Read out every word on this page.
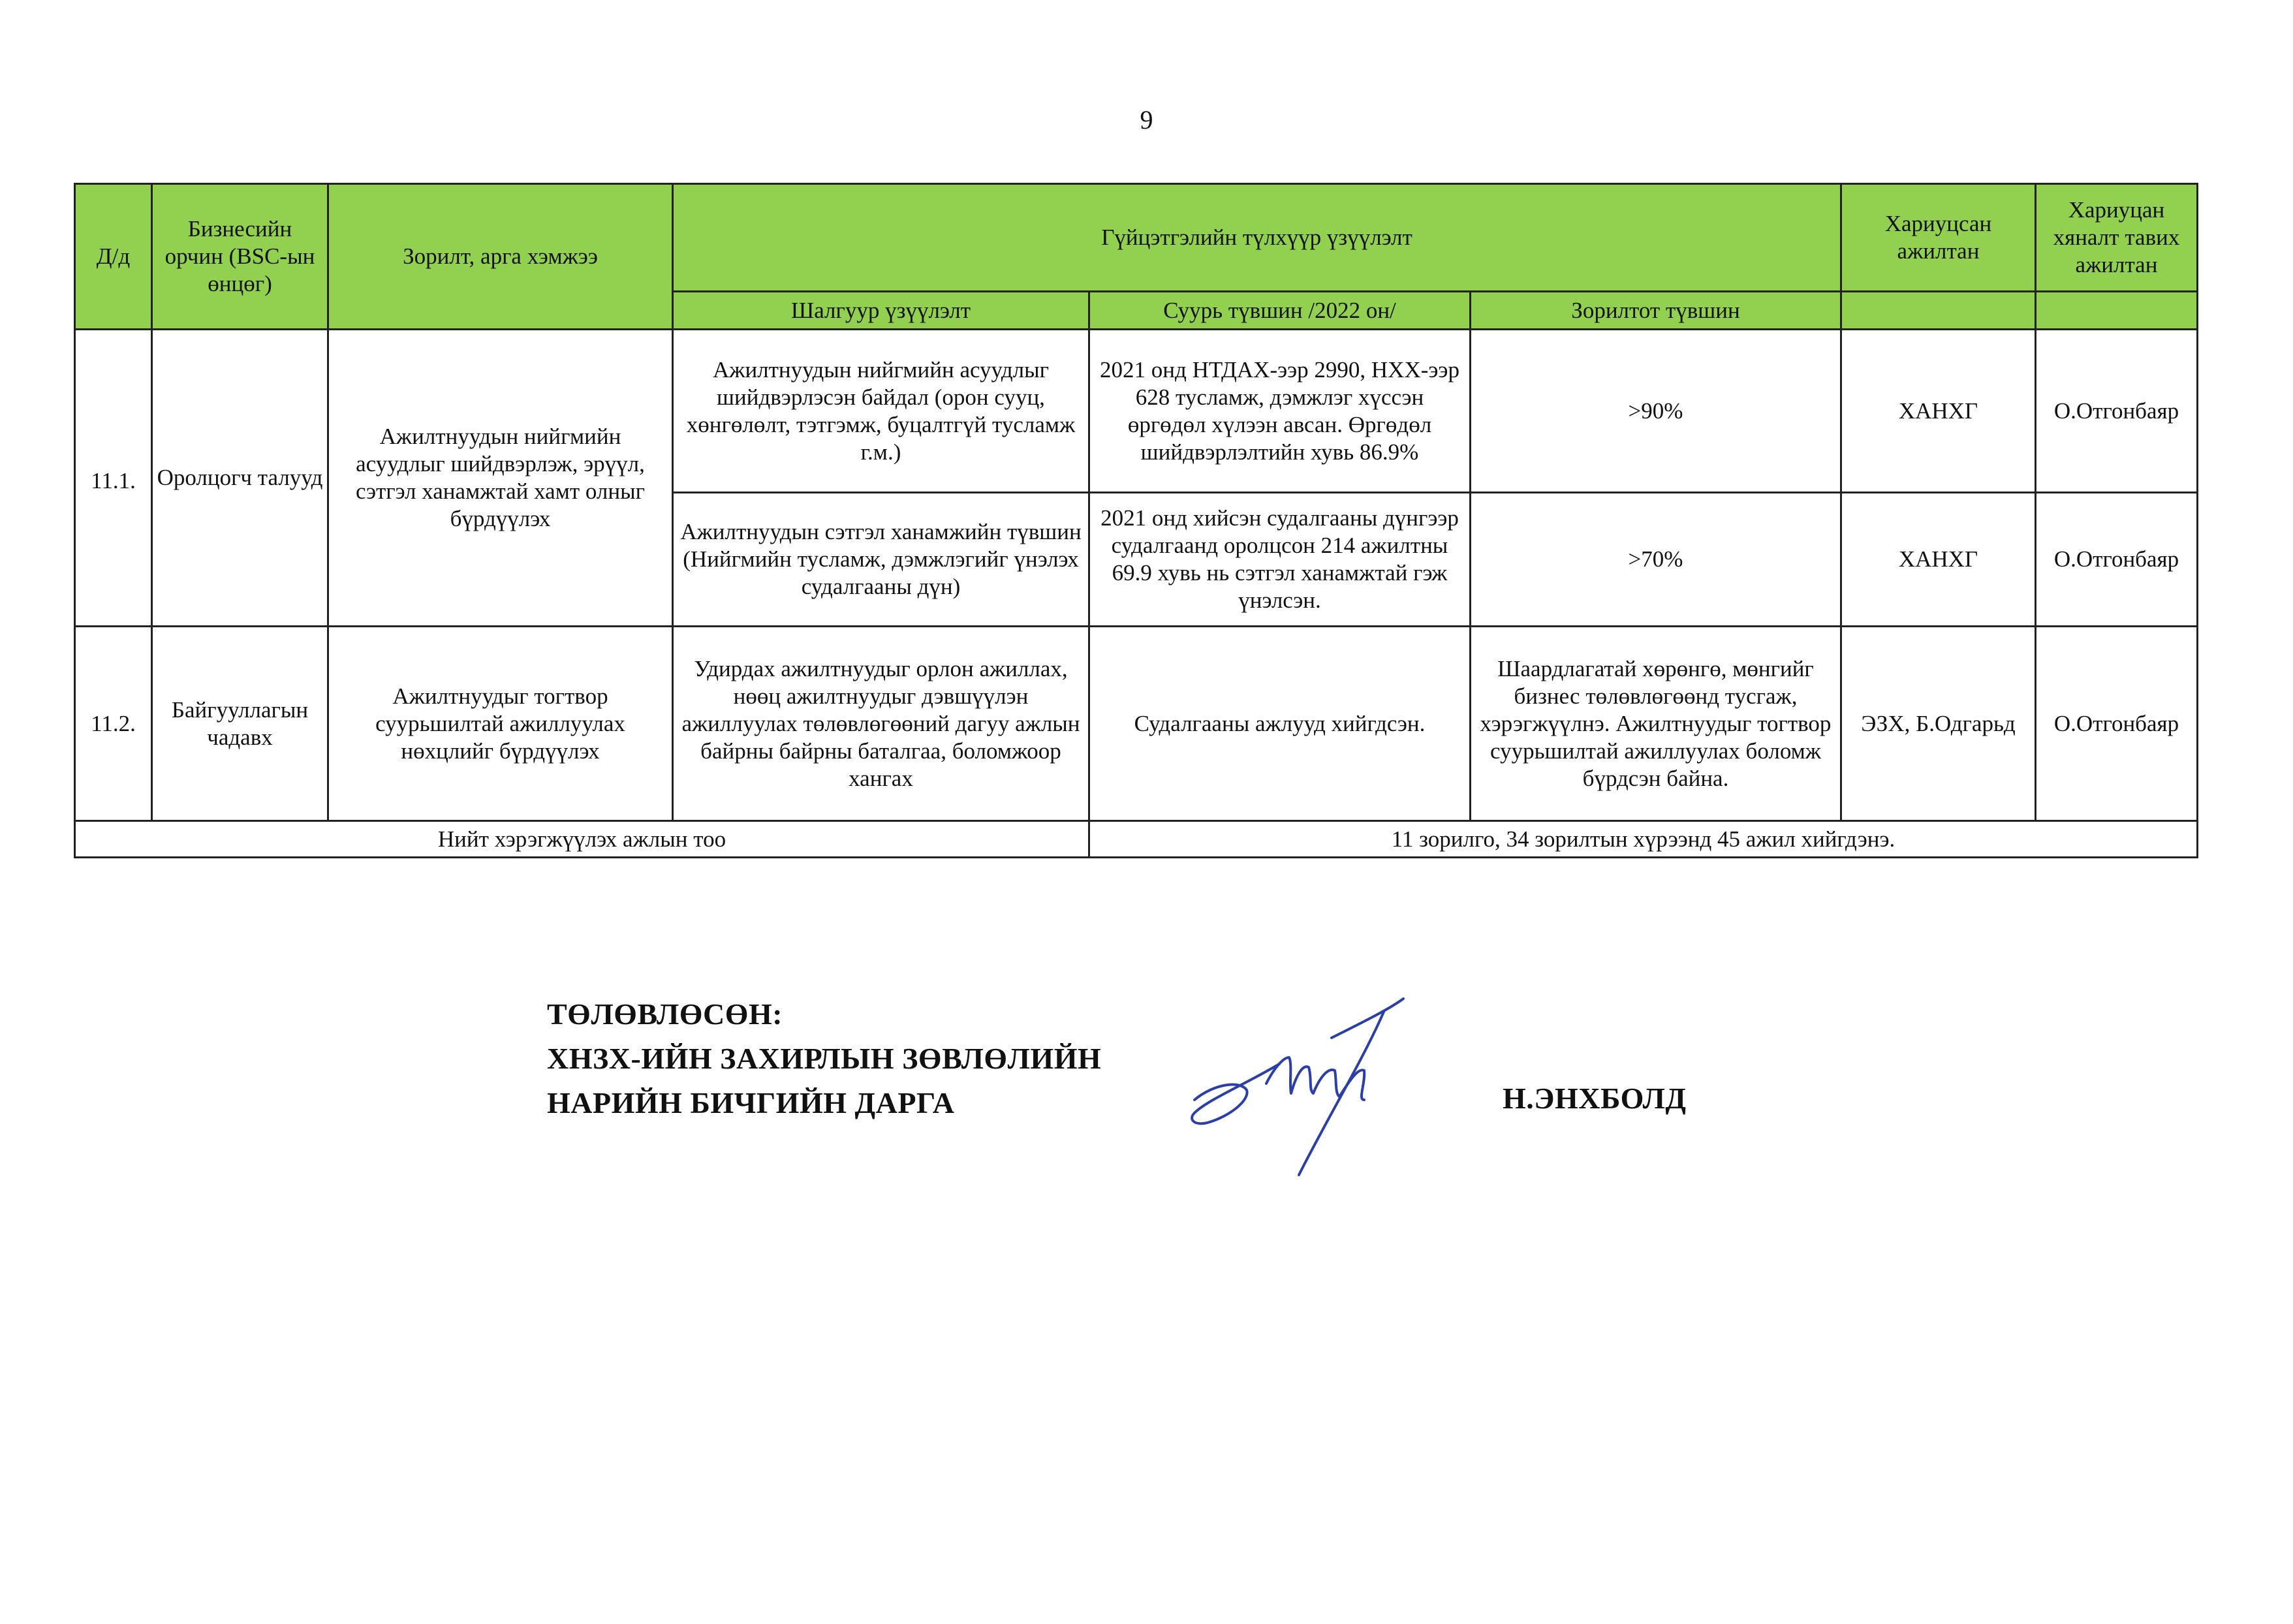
9
Д/д	Бизнесийн орчин (BSC-ын өнцөг)	Зорилт, арга хэмжээ	Гүйцэтгэлийн түлхүүр үзүүлэлт			Хариуцсан ажилтан	Хариуцан хяналт тавих ажилтан
			Шалгуур үзүүлэлт	Суурь түвшин /2022 он/	Зорилтот түвшин		
11.1.	Оролцогч талууд	Ажилтнуудын нийгмийн асуудлыг шийдвэрлэж, эрүүл, сэтгэл ханамжтай хамт олныг бүрдүүлэх	Ажилтнуудын нийгмийн асуудлыг шийдвэрлэсэн байдал (орон сууц, хөнгөлөлт, тэтгэмж, буцалтгүй тусламж г.м.)	2021 онд НТДАХ-ээр 2990, НХХ-ээр 628 тусламж, дэмжлэг хүссэн өргөдөл хүлээн авсан. Өргөдөл шийдвэрлэлтийн хувь 86.9%	>90%	ХАНХГ	О.Отгонбаяр
			Ажилтнуудын сэтгэл ханамжийн түвшин (Нийгмийн тусламж, дэмжлэгийг үнэлэх судалгааны дүн)	2021 онд хийсэн судалгааны дүнгээр судалгаанд оролцсон 214 ажилтны 69.9 хувь нь сэтгэл ханамжтай гэж үнэлсэн.	>70%	ХАНХГ	О.Отгонбаяр
11.2.	Байгууллагын чадавх	Ажилтнуудыг тогтвор суурьшилтай ажиллуулах нөхцлийг бүрдүүлэх	Удирдах ажилтнуудыг орлон ажиллах, нөөц ажилтнуудыг дэвшүүлэн ажиллуулах төлөвлөгөөний дагуу ажлын байрны байрны баталгаа, боломжоор хангах	Судалгааны ажлууд хийгдсэн.	Шаардлагатай хөрөнгө, мөнгийг бизнес төлөвлөгөөнд тусгаж, хэрэгжүүлнэ. Ажилтнуудыг тогтвор суурьшилтай ажиллуулах боломж бүрдсэн байна.	ЭЗХ, Б.Одгарьд	О.Отгонбаяр
Нийт хэрэгжүүлэх ажлын тоо				11 зорилго, 34 зорилтын хүрээнд 45 ажил хийгдэнэ.			
ТӨЛӨВЛӨСӨН:
ХНЗХ-ИЙН ЗАХИРЛЫН ЗӨВЛӨЛИЙН
НАРИЙН БИЧГИЙН ДАРГА	Н.ЭНХБОЛД
